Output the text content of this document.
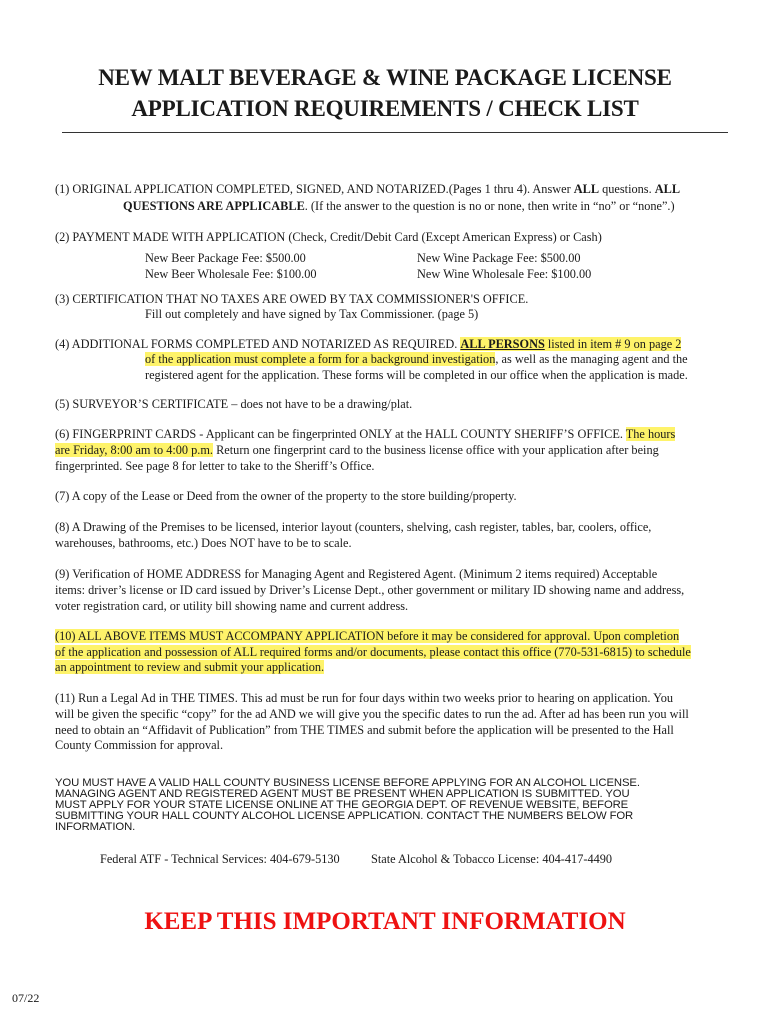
NEW MALT BEVERAGE & WINE PACKAGE LICENSE
APPLICATION REQUIREMENTS / CHECK LIST
(1) ORIGINAL APPLICATION COMPLETED, SIGNED, AND NOTARIZED.(Pages 1 thru 4). Answer ALL questions. ALL
QUESTIONS ARE APPLICABLE. (If the answer to the question is no or none, then write in “no” or “none”.)
(2) PAYMENT MADE WITH APPLICATION (Check, Credit/Debit Card (Except American Express) or Cash)
New Beer Package Fee: $500.00
New Beer Wholesale Fee: $100.00
New Wine Package Fee: $500.00
New Wine Wholesale Fee: $100.00
(3) CERTIFICATION THAT NO TAXES ARE OWED BY TAX COMMISSIONER'S OFFICE.
Fill out completely and have signed by Tax Commissioner. (page 5)
(4) ADDITIONAL FORMS COMPLETED AND NOTARIZED AS REQUIRED. ALL PERSONS listed in item # 9 on page 2
of the application must complete a form for a background investigation, as well as the managing agent and the
registered agent for the application. These forms will be completed in our office when the application is made.
(5) SURVEYOR’S CERTIFICATE – does not have to be a drawing/plat.
(6) FINGERPRINT CARDS - Applicant can be fingerprinted ONLY at the HALL COUNTY SHERIFF’S OFFICE. The hours
are Friday, 8:00 am to 4:00 p.m. Return one fingerprint card to the business license office with your application after being
fingerprinted. See page 8 for letter to take to the Sheriff’s Office.
(7) A copy of the Lease or Deed from the owner of the property to the store building/property.
(8) A Drawing of the Premises to be licensed, interior layout (counters, shelving, cash register, tables, bar, coolers, office,
warehouses, bathrooms, etc.) Does NOT have to be to scale.
(9) Verification of HOME ADDRESS for Managing Agent and Registered Agent. (Minimum 2 items required) Acceptable
items: driver’s license or ID card issued by Driver’s License Dept., other government or military ID showing name and address,
voter registration card, or utility bill showing name and current address.
(10) ALL ABOVE ITEMS MUST ACCOMPANY APPLICATION before it may be considered for approval. Upon completion
of the application and possession of ALL required forms and/or documents, please contact this office (770-531-6815) to schedule
an appointment to review and submit your application.
(11) Run a Legal Ad in THE TIMES. This ad must be run for four days within two weeks prior to hearing on application. You
will be given the specific “copy” for the ad AND we will give you the specific dates to run the ad. After ad has been run you will
need to obtain an “Affidavit of Publication” from THE TIMES and submit before the application will be presented to the Hall
County Commission for approval.
YOU MUST HAVE A VALID HALL COUNTY BUSINESS LICENSE BEFORE APPLYING FOR AN ALCOHOL LICENSE.
MANAGING AGENT AND REGISTERED AGENT MUST BE PRESENT WHEN APPLICATION IS SUBMITTED. YOU
MUST APPLY FOR YOUR STATE LICENSE ONLINE AT THE GEORGIA DEPT. OF REVENUE WEBSITE, BEFORE
SUBMITTING YOUR HALL COUNTY ALCOHOL LICENSE APPLICATION. CONTACT THE NUMBERS BELOW FOR
INFORMATION.
Federal ATF - Technical Services: 404-679-5130	State Alcohol & Tobacco License: 404-417-4490
KEEP THIS IMPORTANT INFORMATION
07/22
